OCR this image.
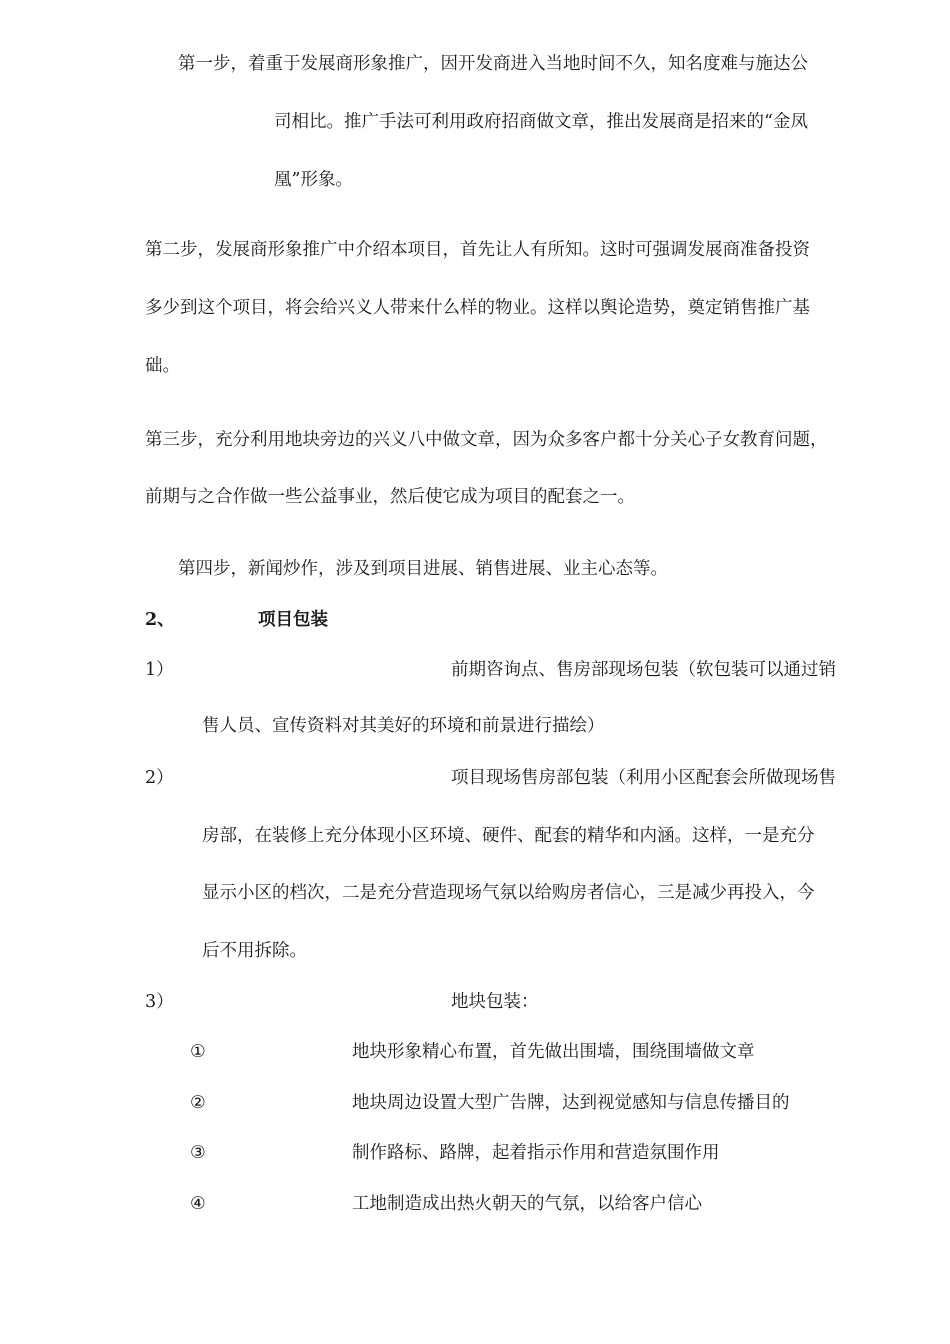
第一步，着重于发展商形象推广，因开发商进入当地时间不久，知名度难与施达公
司相比。推广手法可利用政府招商做文章，推出发展商是招来的“金凤
凰”形象。
第二步，发展商形象推广中介绍本项目，首先让人有所知。这时可强调发展商准备投资
多少到这个项目，将会给兴义人带来什么样的物业。这样以舆论造势，奠定销售推广基
础。
第三步，充分利用地块旁边的兴义八中做文章，因为众多客户都十分关心子女教育问题，
前期与之合作做一些公益事业，然后使它成为项目的配套之一。
第四步，新闻炒作，涉及到项目进展、销售进展、业主心态等。
2、	项目包装
1）	前期咨询点、售房部现场包装（软包装可以通过销
售人员、宣传资料对其美好的环境和前景进行描绘）
2）	项目现场售房部包装（利用小区配套会所做现场售
房部，在装修上充分体现小区环境、硬件、配套的精华和内涵。这样，一是充分
显示小区的档次，二是充分营造现场气氛以给购房者信心，三是减少再投入，今
后不用拆除。
3）	地块包装：
①	地块形象精心布置，首先做出围墙，围绕围墙做文章
②	地块周边设置大型广告牌，达到视觉感知与信息传播目的
③	制作路标、路牌，起着指示作用和营造氛围作用
④	工地制造成出热火朝天的气氛，以给客户信心
